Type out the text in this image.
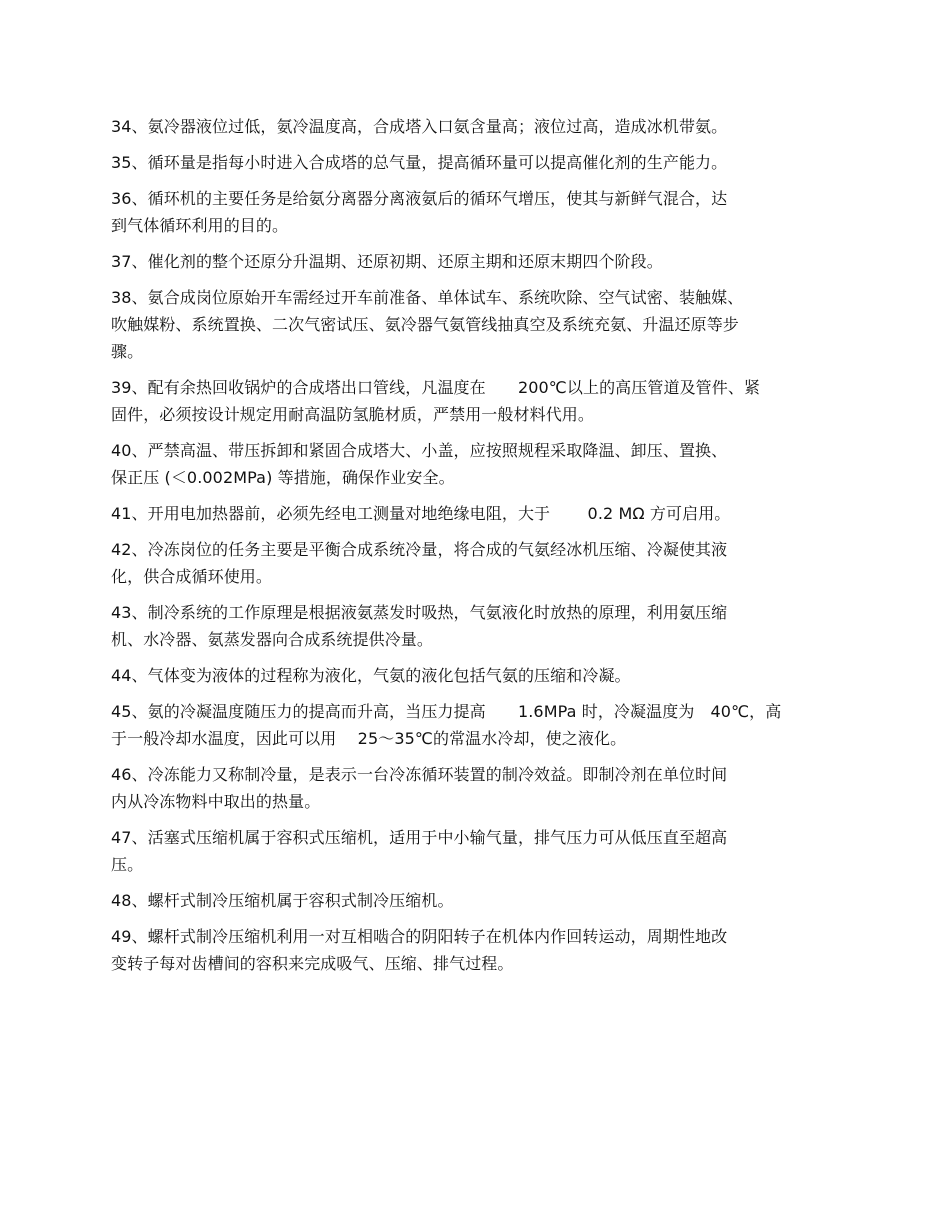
34、氨冷器液位过低，氨冷温度高，合成塔入口氨含量高；液位过高，造成冰机带氨。
35、循环量是指每小时进入合成塔的总气量，提高循环量可以提高催化剂的生产能力。
36、循环机的主要任务是给氨分离器分离液氨后的循环气增压，使其与新鲜气混合，达
到气体循环利用的目的。
37、催化剂的整个还原分升温期、还原初期、还原主期和还原末期四个阶段。
38、氨合成岗位原始开车需经过开车前准备、单体试车、系统吹除、空气试密、装触媒、
吹触媒粉、系统置换、二次气密试压、氨冷器气氨管线抽真空及系统充氨、升温还原等步
骤。
39、配有余热回收锅炉的合成塔出口管线，凡温度在　　200℃以上的高压管道及管件、紧
固件，必须按设计规定用耐高温防氢脆材质，严禁用一般材料代用。
40、严禁高温、带压拆卸和紧固合成塔大、小盖，应按照规程采取降温、卸压、置换、
保正压 (＜0.002MPa) 等措施，确保作业安全。
41、开用电加热器前，必须先经电工测量对地绝缘电阻，大于　　 0.2 MΩ 方可启用。
42、冷冻岗位的任务主要是平衡合成系统冷量，将合成的气氨经冰机压缩、冷凝使其液
化，供合成循环使用。
43、制冷系统的工作原理是根据液氨蒸发时吸热，气氨液化时放热的原理，利用氨压缩
机、水冷器、氨蒸发器向合成系统提供冷量。
44、气体变为液体的过程称为液化，气氨的液化包括气氨的压缩和冷凝。
45、氨的冷凝温度随压力的提高而升高，当压力提高　　1.6MPa 时，冷凝温度为　40℃，高
于一般冷却水温度，因此可以用　 25～35℃的常温水冷却，使之液化。
46、冷冻能力又称制冷量，是表示一台冷冻循环装置的制冷效益。即制冷剂在单位时间
内从冷冻物料中取出的热量。
47、活塞式压缩机属于容积式压缩机，适用于中小输气量，排气压力可从低压直至超高
压。
48、螺杆式制冷压缩机属于容积式制冷压缩机。
49、螺杆式制冷压缩机利用一对互相啮合的阴阳转子在机体内作回转运动，周期性地改
变转子每对齿槽间的容积来完成吸气、压缩、排气过程。
